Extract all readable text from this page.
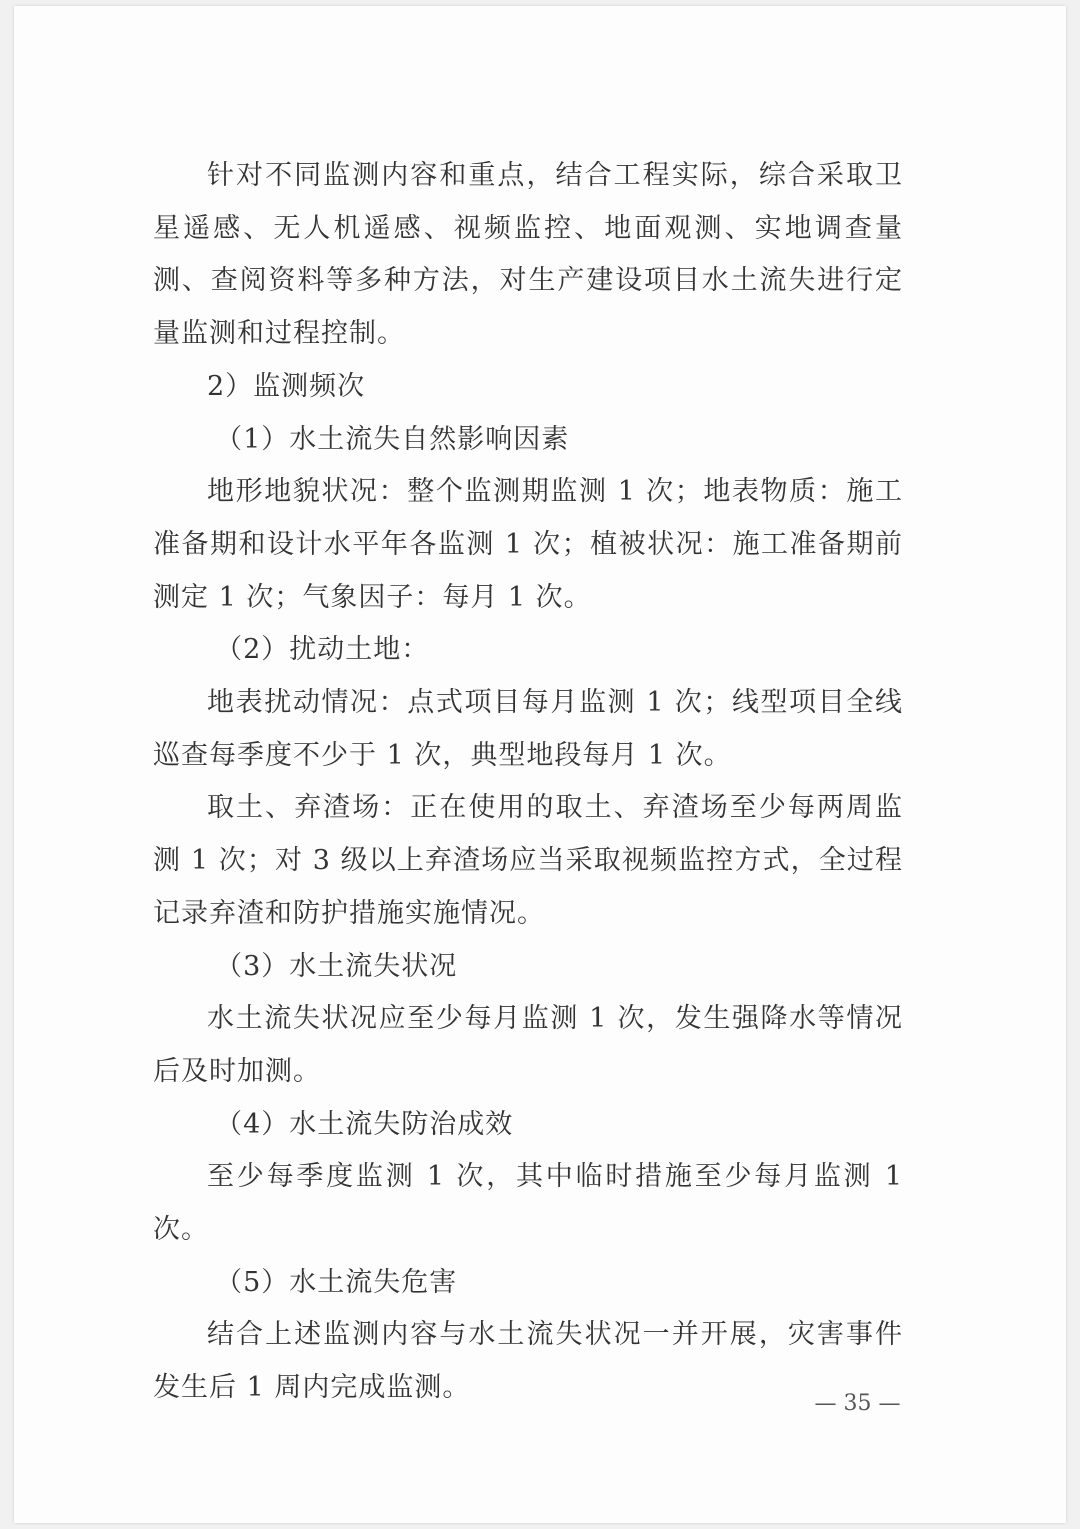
针对不同监测内容和重点，结合工程实际，综合采取卫星遥感、无人机遥感、视频监控、地面观测、实地调查量测、查阅资料等多种方法，对生产建设项目水土流失进行定量监测和过程控制。

2）监测频次

（1）水土流失自然影响因素

地形地貌状况：整个监测期监测 1 次；地表物质：施工准备期和设计水平年各监测 1 次；植被状况：施工准备期前测定 1 次；气象因子：每月 1 次。

（2）扰动土地：

地表扰动情况：点式项目每月监测 1 次；线型项目全线巡查每季度不少于 1 次，典型地段每月 1 次。

取土、弃渣场：正在使用的取土、弃渣场至少每两周监测 1 次；对 3 级以上弃渣场应当采取视频监控方式，全过程记录弃渣和防护措施实施情况。

（3）水土流失状况

水土流失状况应至少每月监测 1 次，发生强降水等情况后及时加测。

（4）水土流失防治成效

至少每季度监测 1 次，其中临时措施至少每月监测 1 次。

（5）水土流失危害

结合上述监测内容与水土流失状况一并开展，灾害事件发生后 1 周内完成监测。

— 35 —
